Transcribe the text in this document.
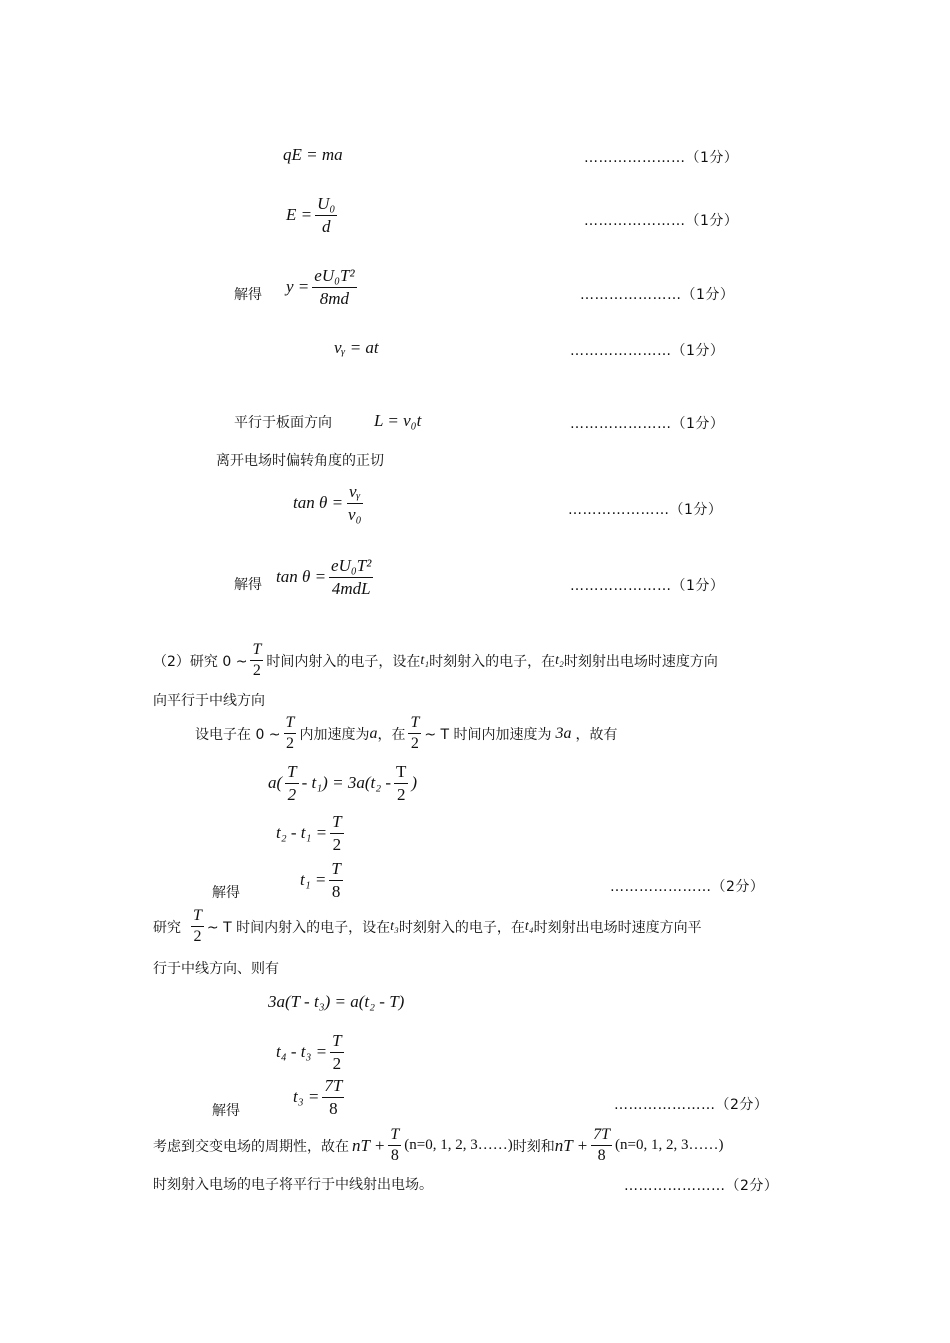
qE = ma	…………………（1分）
$E = \frac{\text{U₀}}{d}$	…………………（1分）
解得 $y = \frac{\text{eU₀T²}}{8md}$	…………………（1分）
vᵧ = at	…………………（1分）
平行于板面方向 L = v₀t	…………………（1分）
离开电场时偏转角度的正切
$\tan \theta = \frac{\text{vᵧ}}{\text{v₀}}$	…………………（1分）
解得 $\tan \theta = \frac{\text{eU₀T²}}{\text{4mdL}}$	…………………（1分）
（2）研究 0 ~ $\frac{T}{2}$ 时间内射入的电子，设在 t₁ 时刻射入的电子，在 t₂ 时刻射出电场时速度方向
向平行于中线方向
设电子在 0 ~ $\frac{T}{2}$ 内加速度为 a ，在 $\frac{T}{2}$ ~ T 时间内加速度为 3a ，故有
$a( \frac{T}{2} - t_1) = 3a(t_2 - \frac{T}{2}$ )
$t_2 - t_1 = \frac{T}{2}$
解得
$t_1 = \frac{T}{8}$	…………………（2分）
研究 $\frac{T}{2}$ ~ T 时间内射入的电子，设在 t₃ 时刻射入的电子，在 t₄ 时刻射出电场时速度方向平
行于中线方向、则有
3a(T - t₃) = a(t₂ - T)
$t_4 - t_3 = \frac{T}{2}$
解得
$t_3 = \frac{7T}{8}$	…………………（2分）
考虑到交变电场的周期性，故在 nT + $\frac{T}{8} (n=0$, 1, 2, 3……) 时刻和 nT + $\frac{7T}{8} (n=0$, 1, 2, 3……)
时刻射入电场的电子将平行于中线射出电场。	…………………（2分）
